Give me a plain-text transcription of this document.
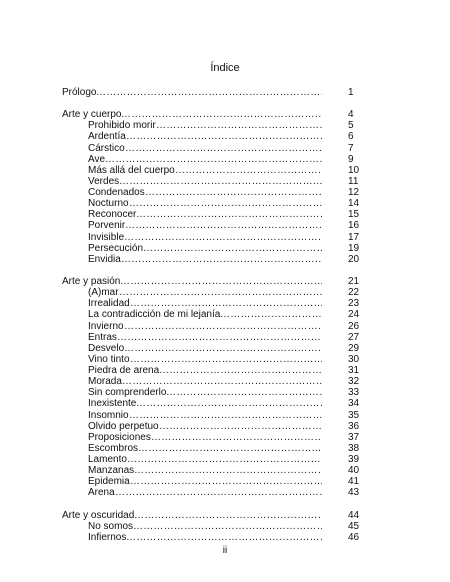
Índice
Prólogo ……………………………………………………………………………………………………………………………………………………	1
Arte y cuerpo ……………………………………………………………………………………………………………………………………………………	4
Prohibido morir ……………………………………………………………………………………………………………………………………………………	5
Ardentía ……………………………………………………………………………………………………………………………………………………	6
Cárstico ……………………………………………………………………………………………………………………………………………………	7
Ave ……………………………………………………………………………………………………………………………………………………	9
Más allá del cuerpo ……………………………………………………………………………………………………………………………………………………	10
Verdes ……………………………………………………………………………………………………………………………………………………	11
Condenados ……………………………………………………………………………………………………………………………………………………	12
Nocturno ……………………………………………………………………………………………………………………………………………………	14
Reconocer ……………………………………………………………………………………………………………………………………………………	15
Porvenir ……………………………………………………………………………………………………………………………………………………	16
Invisible ……………………………………………………………………………………………………………………………………………………	17
Persecución ……………………………………………………………………………………………………………………………………………………	19
Envidia ……………………………………………………………………………………………………………………………………………………	20
Arte y pasión ……………………………………………………………………………………………………………………………………………………	21
(A)mar ……………………………………………………………………………………………………………………………………………………	22
Irrealidad ……………………………………………………………………………………………………………………………………………………	23
La contradicción de mi lejanía ……………………………………………………………………………………………………………………………………………………	24
Invierno ……………………………………………………………………………………………………………………………………………………	26
Entras ……………………………………………………………………………………………………………………………………………………	27
Desvelo ……………………………………………………………………………………………………………………………………………………	29
Vino tinto ……………………………………………………………………………………………………………………………………………………	30
Piedra de arena ……………………………………………………………………………………………………………………………………………………	31
Morada ……………………………………………………………………………………………………………………………………………………	32
Sin comprenderlo ……………………………………………………………………………………………………………………………………………………	33
Inexistente ……………………………………………………………………………………………………………………………………………………	34
Insomnio ……………………………………………………………………………………………………………………………………………………	35
Olvido perpetuo ……………………………………………………………………………………………………………………………………………………	36
Proposiciones ……………………………………………………………………………………………………………………………………………………	37
Escombros ……………………………………………………………………………………………………………………………………………………	38
Lamento ……………………………………………………………………………………………………………………………………………………	39
Manzanas ……………………………………………………………………………………………………………………………………………………	40
Epidemia ……………………………………………………………………………………………………………………………………………………	41
Arena ……………………………………………………………………………………………………………………………………………………	43
Arte y oscuridad ……………………………………………………………………………………………………………………………………………………	44
No somos ……………………………………………………………………………………………………………………………………………………	45
Infiernos ……………………………………………………………………………………………………………………………………………………	46
ii
